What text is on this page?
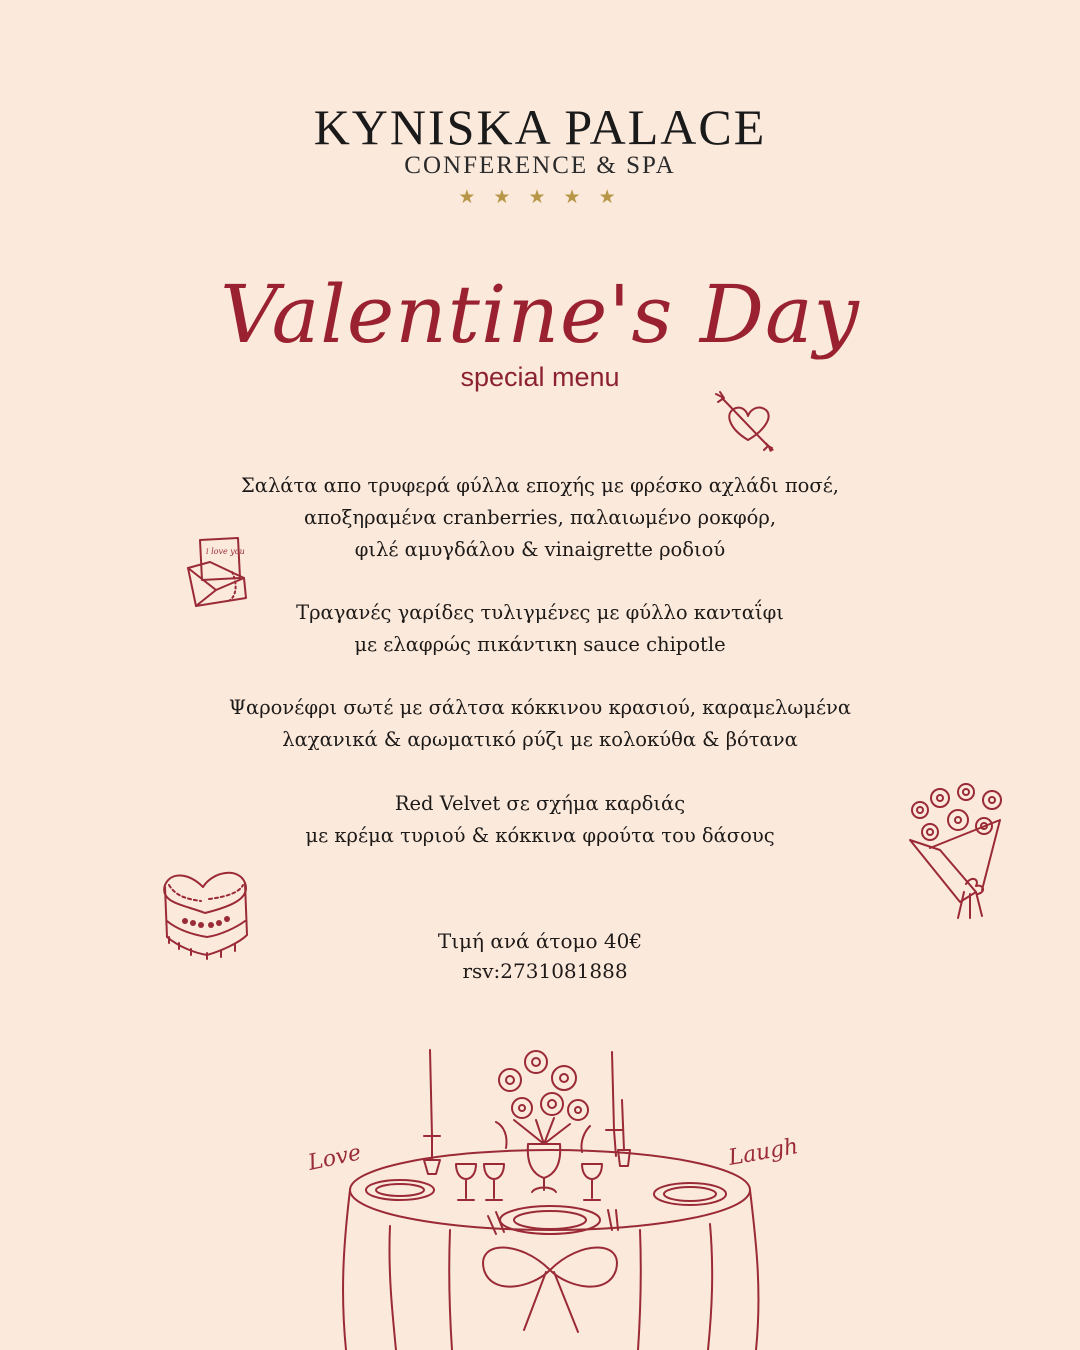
KYNISKA PALACE
CONFERENCE & SPA
★ ★ ★ ★ ★
Valentine's Day
special menu
Σαλάτα απο τρυφερά φύλλα εποχής με φρέσκο αχλάδι ποσέ,
αποξηραμένα cranberries, παλαιωμένο ροκφόρ,
φιλέ αμυγδάλου & vinaigrette ροδιού
Τραγανές γαρίδες τυλιγμένες με φύλλο κανταΐφι
με ελαφρώς πικάντικη sauce chipotle
Ψαρονέφρι σωτέ με σάλτσα κόκκινου κρασιού, καραμελωμένα
λαχανικά & αρωματικό ρύζι με κολοκύθα & βότανα
Red Velvet σε σχήμα καρδιάς
με κρέμα τυριού & κόκκινα φρούτα του δάσους
Τιμή ανά άτομο 40€
rsv:2731081888
i love you
Love	Laugh
